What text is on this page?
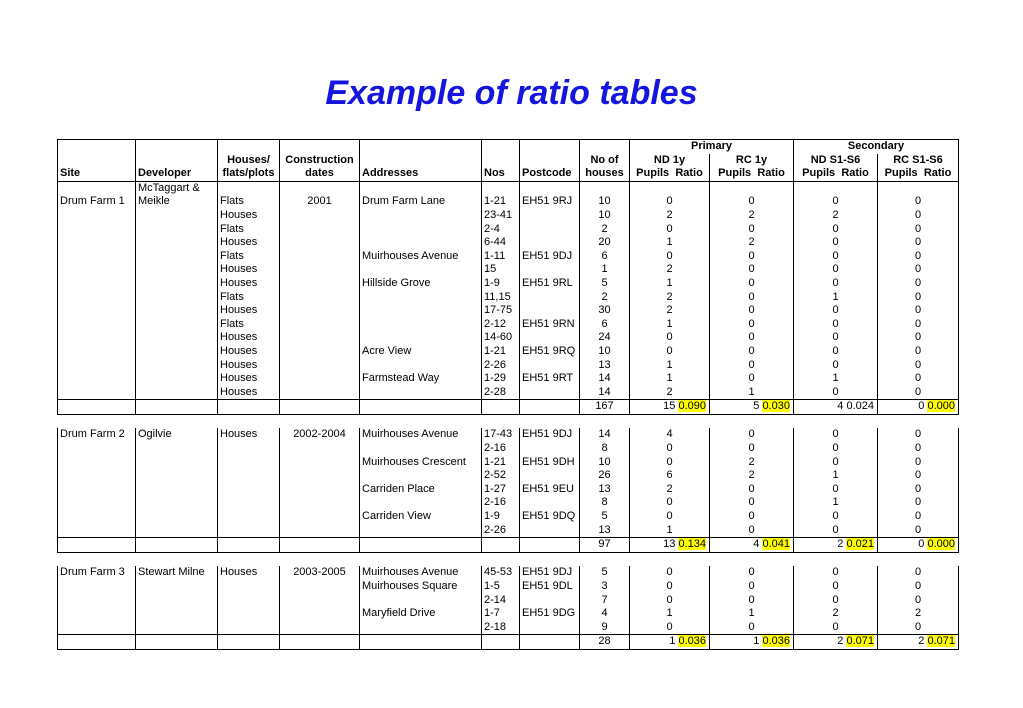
Example of ratio tables
								Primary		Secondary	
		Houses/	Construction				No of	ND 1y	RC 1y	ND S1-S6	RC S1-S6
Site	Developer	flats/plots	dates	Addresses	Nos	Postcode	houses	Pupils Ratio	Pupils Ratio	Pupils Ratio	Pupils Ratio
	McTaggart &										
Drum Farm 1	Meikle	Flats	2001	Drum Farm Lane	1-21	EH51 9RJ	10	0	0	0	0
		Houses			23-41		10	2	2	2	0
		Flats			2-4		2	0	0	0	0
		Houses			6-44		20	1	2	0	0
		Flats		Muirhouses Avenue	1-11	EH51 9DJ	6	0	0	0	0
		Houses			15		1	2	0	0	0
		Houses		Hillside Grove	1-9	EH51 9RL	5	1	0	0	0
		Flats			11,15		2	2	0	1	0
		Houses			17-75		30	2	0	0	0
		Flats			2-12	EH51 9RN	6	1	0	0	0
		Houses			14-60		24	0	0	0	0
		Houses		Acre View	1-21	EH51 9RQ	10	0	0	0	0
		Houses			2-26		13	1	0	0	0
		Houses		Farmstead Way	1-29	EH51 9RT	14	1	0	1	0
		Houses			2-28		14	2	1	0	0
							167	15 0.090	5 0.030	4 0.024	0 0.000

Drum Farm 2	Ogilvie	Houses	2002-2004	Muirhouses Avenue	17-43	EH51 9DJ	14	4	0	0	0
					2-16		8	0	0	0	0
				Muirhouses Crescent	1-21	EH51 9DH	10	0	2	0	0
					2-52		26	6	2	1	0
				Carriden Place	1-27	EH51 9EU	13	2	0	0	0
					2-16		8	0	0	1	0
				Carriden View	1-9	EH51 9DQ	5	0	0	0	0
					2-26		13	1	0	0	0
							97	13 0.134	4 0.041	2 0.021	0 0.000

Drum Farm 3	Stewart Milne	Houses	2003-2005	Muirhouses Avenue	45-53	EH51 9DJ	5	0	0	0	0
				Muirhouses Square	1-5	EH51 9DL	3	0	0	0	0
					2-14		7	0	0	0	0
				Maryfield Drive	1-7	EH51 9DG	4	1	1	2	2
					2-18		9	0	0	0	0
							28	1 0.036	1 0.036	2 0.071	2 0.071
